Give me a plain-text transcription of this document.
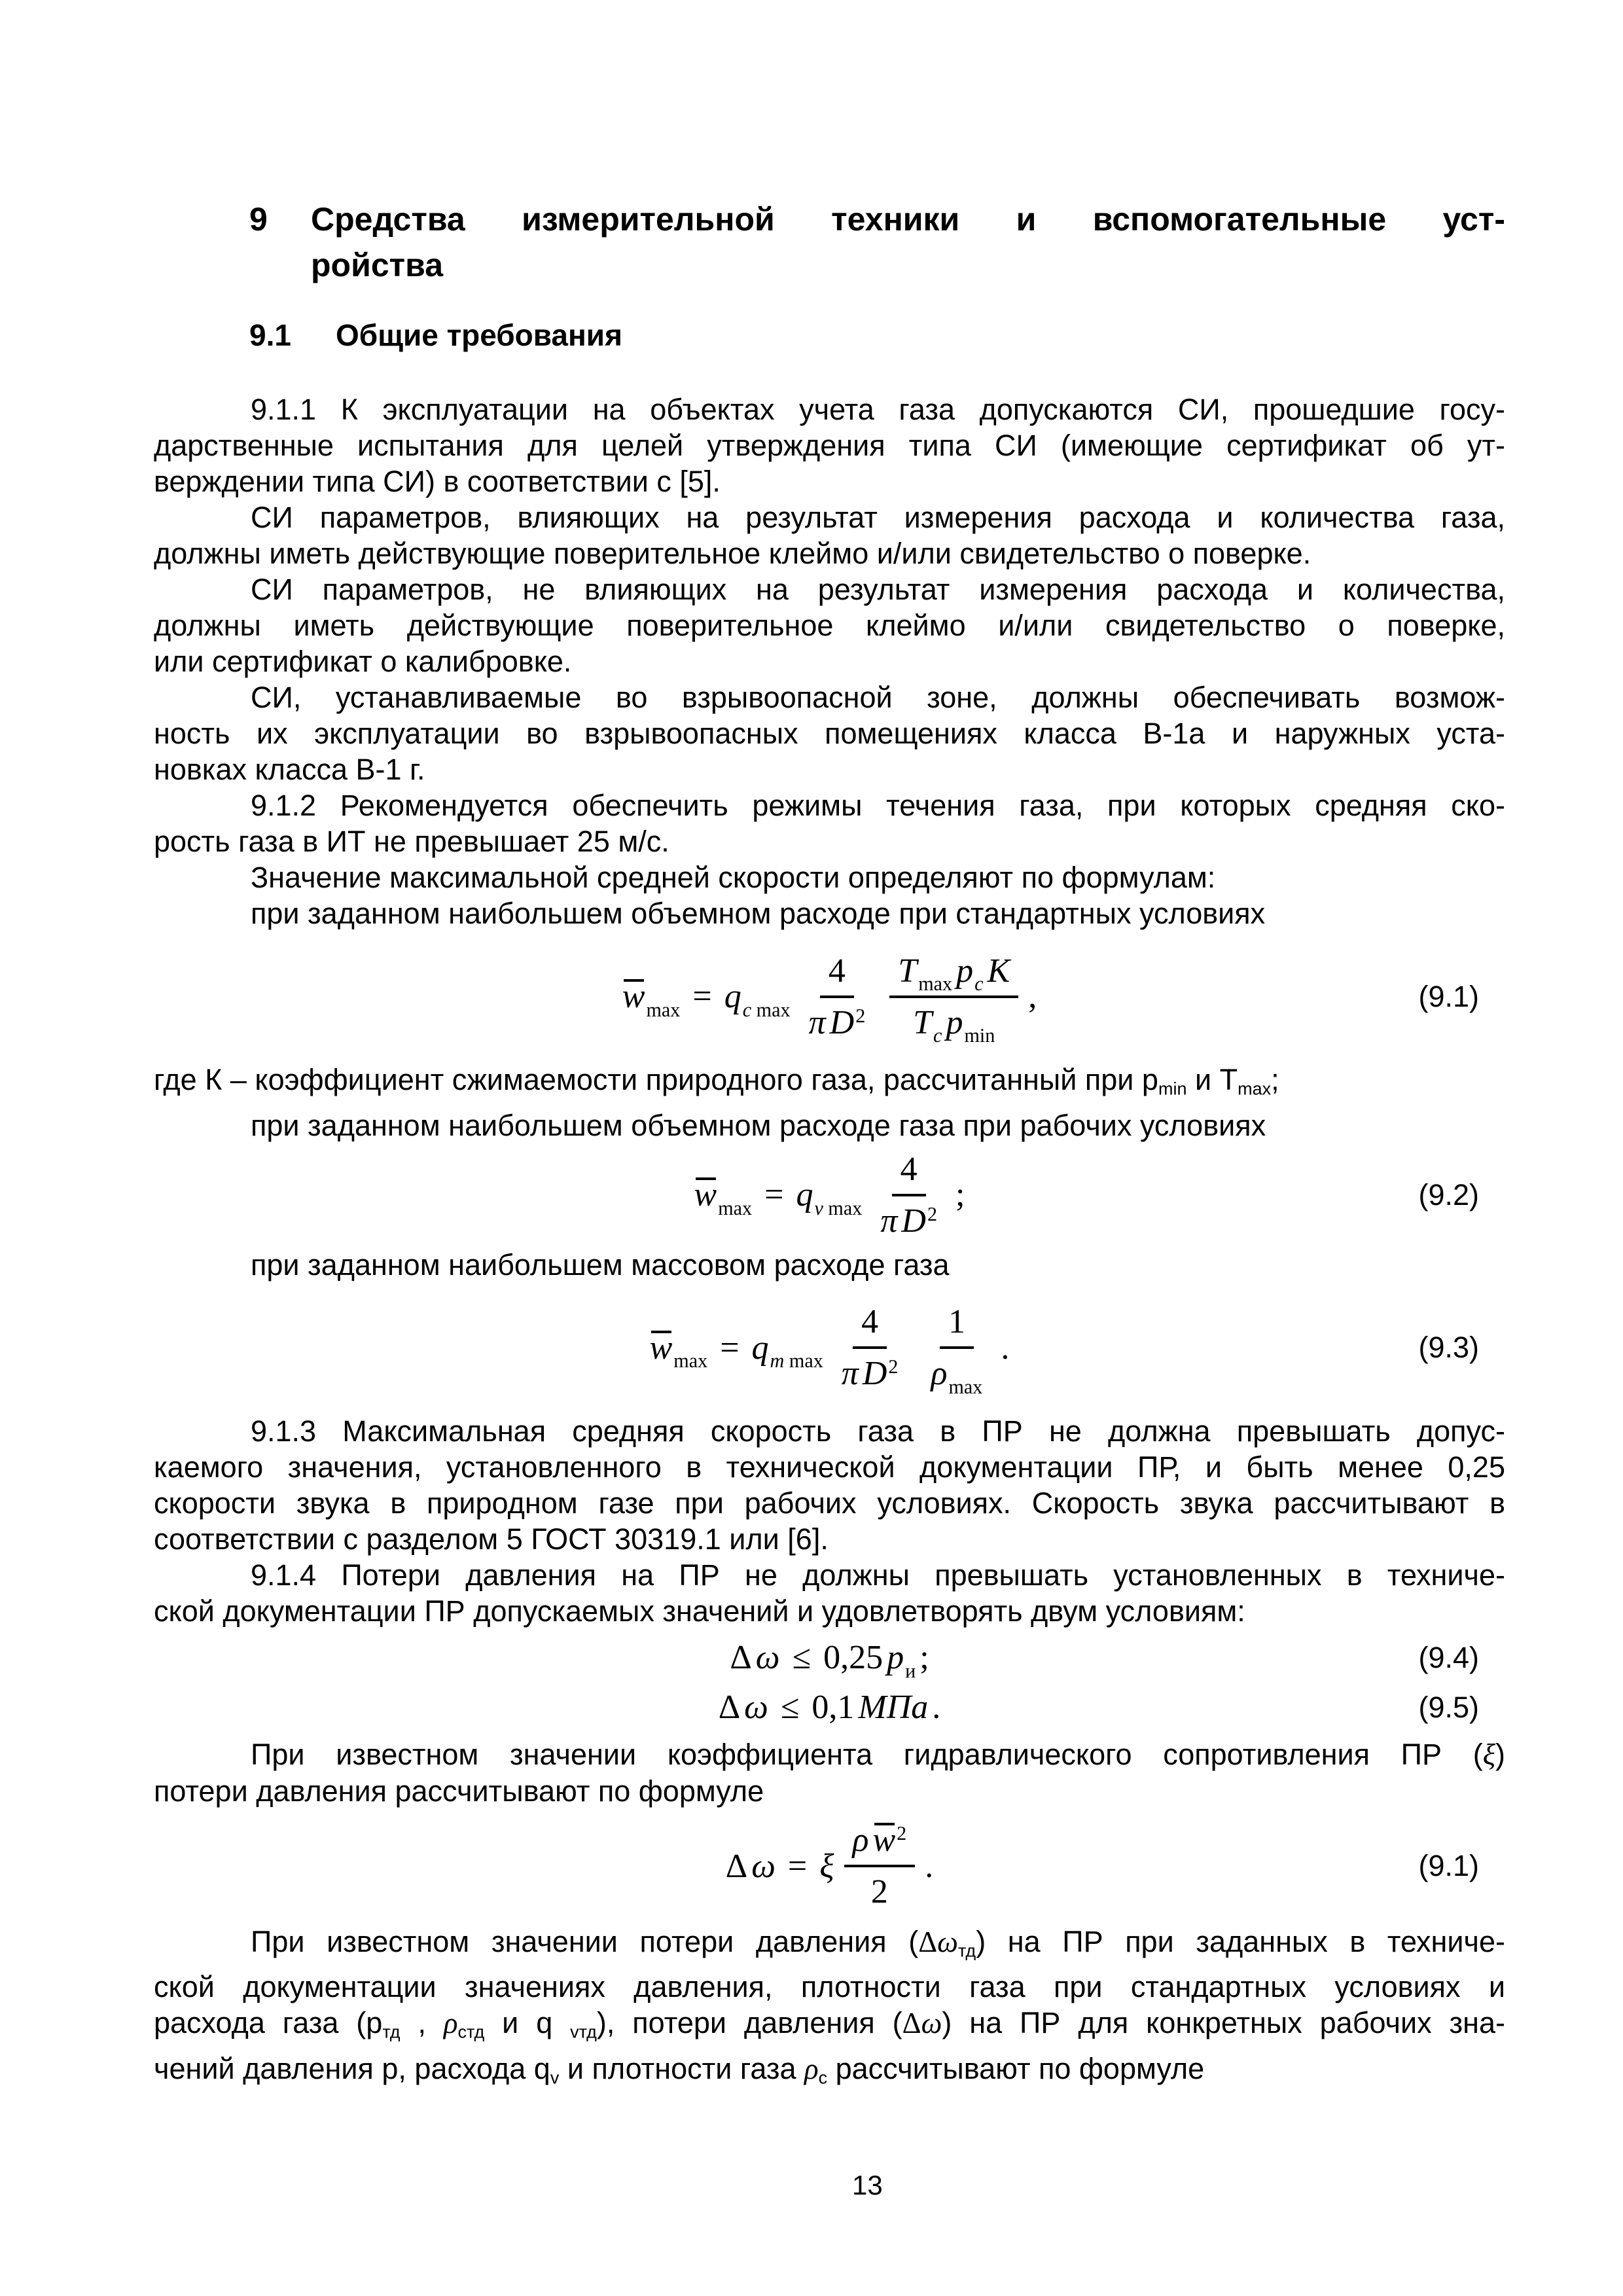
9 Средства измерительной техники и вспомогательные уст-
ройства
9.1 Общие требования
9.1.1 К эксплуатации на объектах учета газа допускаются СИ, прошедшие госу-
дарственные испытания для целей утверждения типа СИ (имеющие сертификат об ут-
верждении типа СИ) в соответствии с [5].
СИ параметров, влияющих на результат измерения расхода и количества газа,
должны иметь действующие поверительное клеймо и/или свидетельство о поверке.
СИ параметров, не влияющих на результат измерения расхода и количества,
должны иметь действующие поверительное клеймо и/или свидетельство о поверке,
или сертификат о калибровке.
СИ, устанавливаемые во взрывоопасной зоне, должны обеспечивать возмож-
ность их эксплуатации во взрывоопасных помещениях класса В-1а и наружных уста-
новках класса В-1 г.
9.1.2 Рекомендуется обеспечить режимы течения газа, при которых средняя ско-
рость газа в ИТ не превышает 25 м/с.
Значение максимальной средней скорости определяют по формулам:
при заданном наибольшем объемном расходе при стандартных условиях
w max = q c $\max \frac{4}{\text{π D 2}} \frac{\text{T max p c K}}{\text{T c p min}}$ ,	(9.1)
где К – коэффициент сжимаемости природного газа, рассчитанный при pmin и Tmax;
при заданном наибольшем объемном расходе газа при рабочих условиях
w max = q v $\max \frac{4}{\text{π D 2}}$ ;	(9.2)
при заданном наибольшем массовом расходе газа
w max = q m $\max \frac{4}{\text{π D 2}} \frac{1}{\text{ρ max}}$ .	(9.3)
9.1.3 Максимальная средняя скорость газа в ПР не должна превышать допус-
каемого значения, установленного в технической документации ПР, и быть менее 0,25
скорости звука в природном газе при рабочих условиях. Скорость звука рассчитывают в
соответствии с разделом 5 ГОСТ 30319.1 или [6].
9.1.4 Потери давления на ПР не должны превышать установленных в техниче-
ской документации ПР допускаемых значений и удовлетворять двум условиям:
Δ ω ≤ 0,25 p и ;	(9.4)
Δ ω ≤ 0,1 МПа .	(9.5)
При известном значении коэффициента гидравлического сопротивления ПР (ξ)
потери давления рассчитывают по формуле
Δ ω = ξ $\frac{\text{ρ w 2}}{2}$ .	(9.1)
При известном значении потери давления (Δωтд) на ПР при заданных в техниче-
ской документации значениях давления, плотности газа при стандартных условиях и
расхода газа (pтд , ρстд и q vтд), потери давления (Δω) на ПР для конкретных рабочих зна-
чений давления p, расхода qv и плотности газа ρc рассчитывают по формуле
13
